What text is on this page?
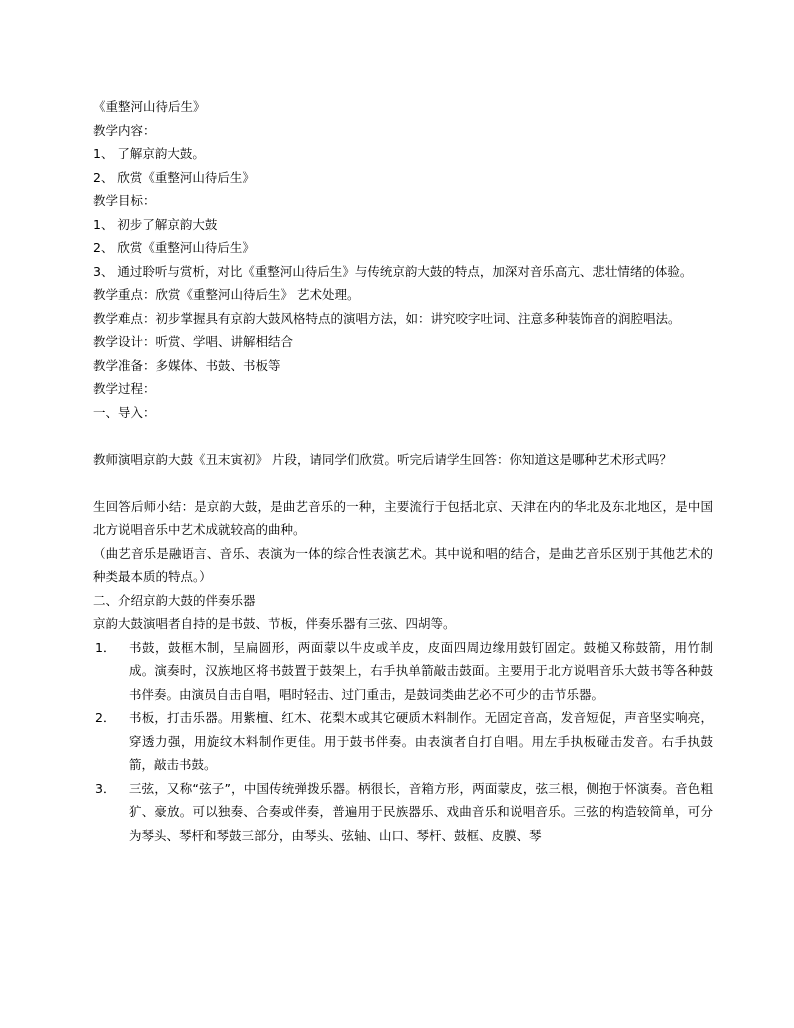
《重整河山待后生》

教学内容：

1、 了解京韵大鼓。

2、 欣赏《重整河山待后生》

教学目标：

1、 初步了解京韵大鼓

2、 欣赏《重整河山待后生》

3、 通过聆听与赏析，对比《重整河山待后生》与传统京韵大鼓的特点，加深对音乐高亢、悲壮情绪的体验。

教学重点：欣赏《重整河山待后生》 艺术处理。

教学难点：初步掌握具有京韵大鼓风格特点的演唱方法，如：讲究咬字吐词、注意多种装饰音的润腔唱法。

教学设计：听赏、学唱、讲解相结合

教学准备：多媒体、书鼓、书板等

教学过程：

一、导入：

教师演唱京韵大鼓《丑末寅初》 片段，请同学们欣赏。听完后请学生回答：你知道这是哪种艺术形式吗？

生回答后师小结：是京韵大鼓，是曲艺音乐的一种，主要流行于包括北京、天津在内的华北及东北地区，是中国北方说唱音乐中艺术成就较高的曲种。

（曲艺音乐是融语言、音乐、表演为一体的综合性表演艺术。其中说和唱的结合，是曲艺音乐区别于其他艺术的种类最本质的特点。）

二、介绍京韵大鼓的伴奏乐器

京韵大鼓演唱者自持的是书鼓、节板，伴奏乐器有三弦、四胡等。

1．	书鼓，鼓框木制，呈扁圆形，两面蒙以牛皮或羊皮，皮面四周边缘用鼓钉固定。鼓槌又称鼓箭，用竹制成。演奏时，汉族地区将书鼓置于鼓架上，右手执单箭敲击鼓面。主要用于北方说唱音乐大鼓书等各种鼓书伴奏。由演员自击自唱，唱时轻击、过门重击，是鼓词类曲艺必不可少的击节乐器。
2．	书板，打击乐器。用紫檀、红木、花梨木或其它硬质木料制作。无固定音高，发音短促，声音坚实响亮，穿透力强，用旋纹木料制作更佳。用于鼓书伴奏。由表演者自打自唱。用左手执板碰击发音。右手执鼓箭，敲击书鼓。
3．	三弦，又称“弦子”，中国传统弹拨乐器。柄很长，音箱方形，两面蒙皮，弦三根，侧抱于怀演奏。音色粗犷、豪放。可以独奏、合奏或伴奏，普遍用于民族器乐、戏曲音乐和说唱音乐。三弦的构造较简单，可分为琴头、琴杆和琴鼓三部分，由琴头、弦轴、山口、琴杆、鼓框、皮膜、琴
